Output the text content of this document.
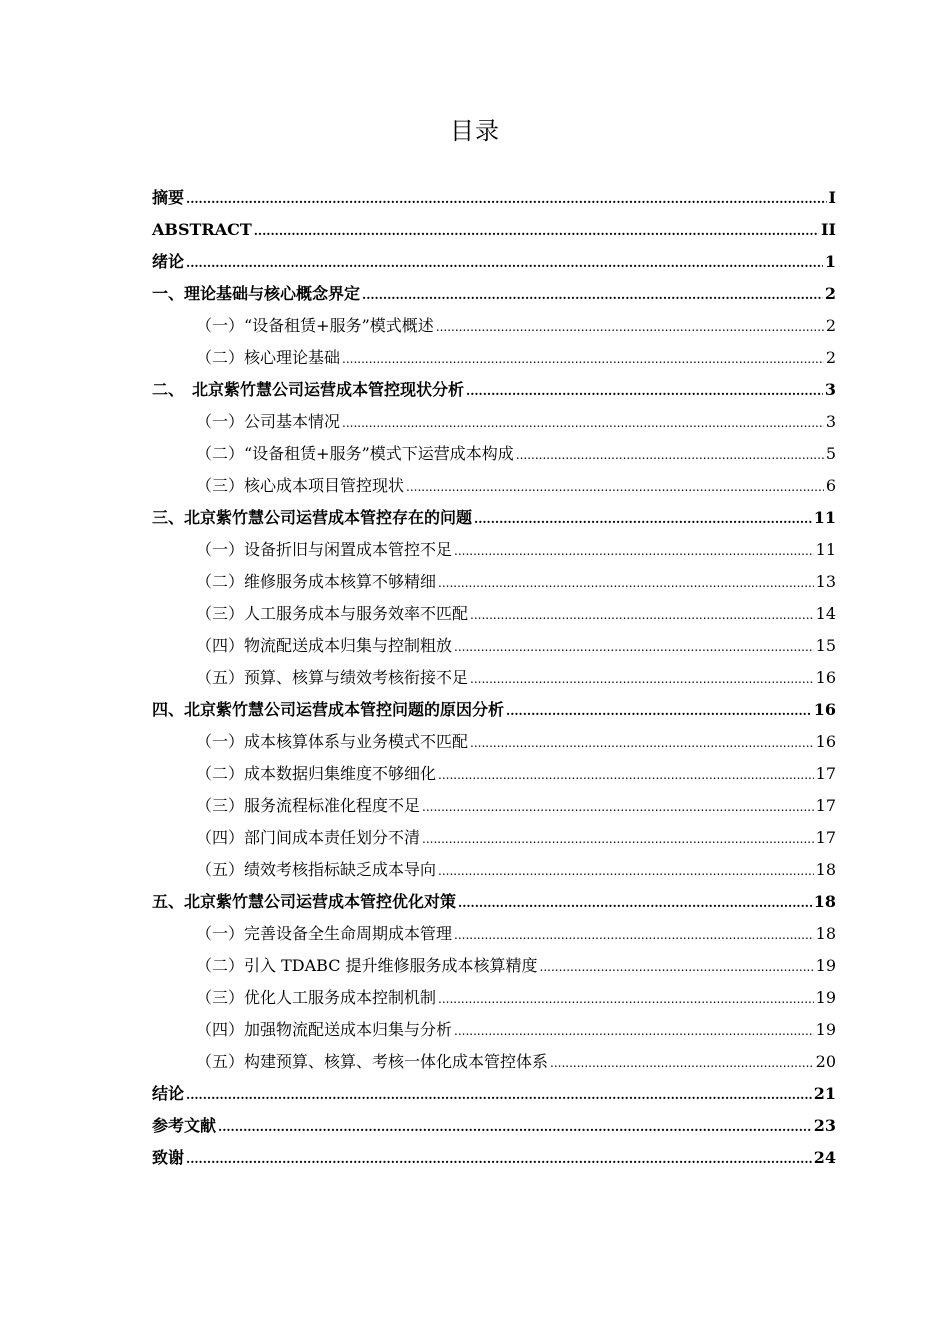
目录
摘要 .....	I
ABSTRACT .....	II
绪论 .....	1
一、理论基础与核心概念界定 .....	2
（一）“设备租赁+服务”模式概述 .....	2
（二）核心理论基础 .....	2
二、　北京紫竹慧公司运营成本管控现状分析 .....	3
（一）公司基本情况 .....	3
（二）“设备租赁+服务”模式下运营成本构成 .....	5
（三）核心成本项目管控现状 .....	6
三、北京紫竹慧公司运营成本管控存在的问题 .....	11
（一）设备折旧与闲置成本管控不足 .....	11
（二）维修服务成本核算不够精细 .....	13
（三）人工服务成本与服务效率不匹配 .....	14
（四）物流配送成本归集与控制粗放 .....	15
（五）预算、核算与绩效考核衔接不足 .....	16
四、北京紫竹慧公司运营成本管控问题的原因分析 .....	16
（一）成本核算体系与业务模式不匹配 .....	16
（二）成本数据归集维度不够细化 .....	17
（三）服务流程标准化程度不足 .....	17
（四）部门间成本责任划分不清 .....	17
（五）绩效考核指标缺乏成本导向 .....	18
五、北京紫竹慧公司运营成本管控优化对策 .....	18
（一）完善设备全生命周期成本管理 .....	18
（二）引入 TDABC 提升维修服务成本核算精度 .....	19
（三）优化人工服务成本控制机制 .....	19
（四）加强物流配送成本归集与分析 .....	19
（五）构建预算、核算、考核一体化成本管控体系 .....	20
结论 .....	21
参考文献 .....	23
致谢 .....	24
